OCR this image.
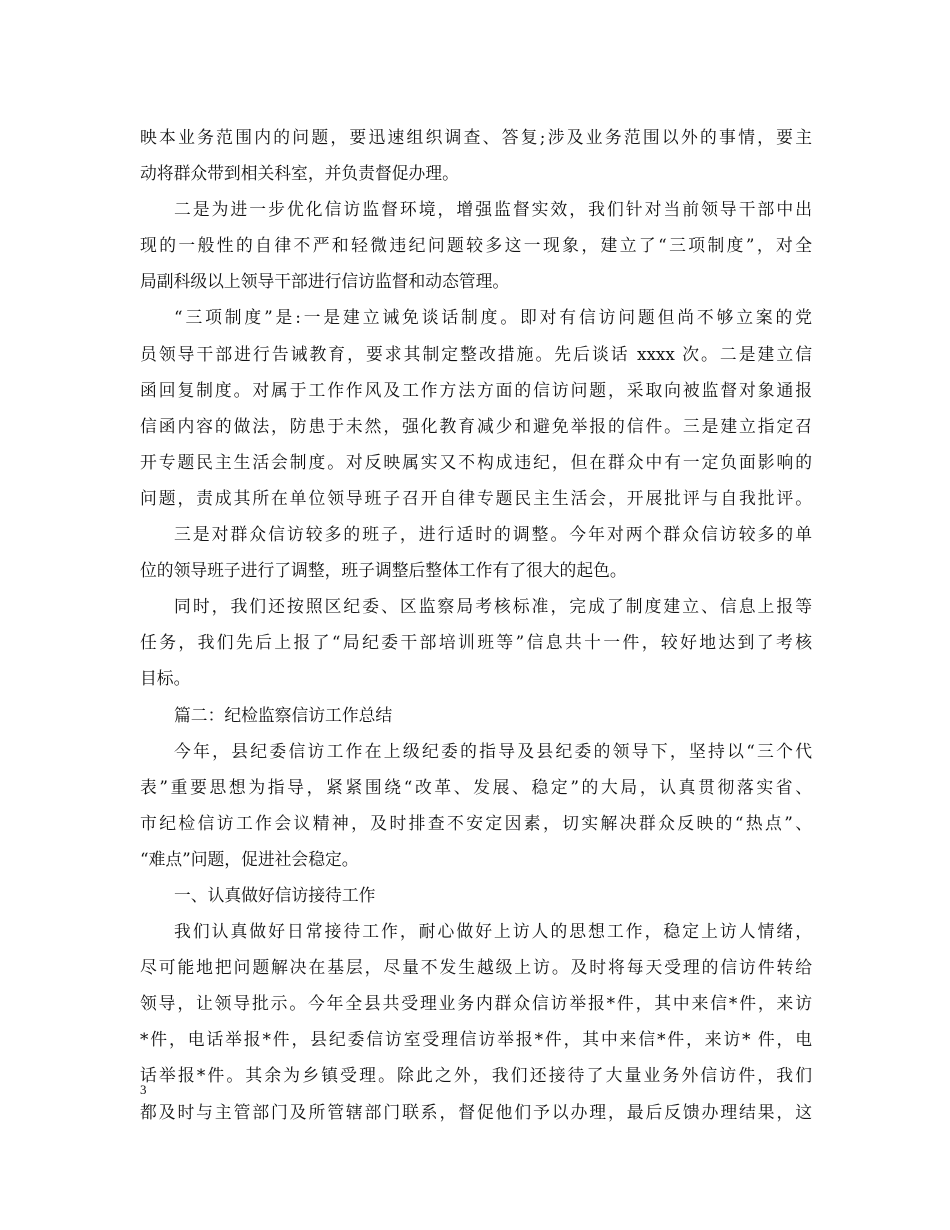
映本业务范围内的问题，要迅速组织调查、答复;涉及业务范围以外的事情，要主
动将群众带到相关科室，并负责督促办理。
二是为进一步优化信访监督环境，增强监督实效，我们针对当前领导干部中出
现的一般性的自律不严和轻微违纪问题较多这一现象，建立了“三项制度”，对全
局副科级以上领导干部进行信访监督和动态管理。
“三项制度”是:一是建立诫免谈话制度。即对有信访问题但尚不够立案的党
员领导干部进行告诫教育，要求其制定整改措施。先后谈话 xxxx 次。二是建立信
函回复制度。对属于工作作风及工作方法方面的信访问题，采取向被监督对象通报
信函内容的做法，防患于未然，强化教育减少和避免举报的信件。三是建立指定召
开专题民主生活会制度。对反映属实又不构成违纪，但在群众中有一定负面影响的
问题，责成其所在单位领导班子召开自律专题民主生活会，开展批评与自我批评。
三是对群众信访较多的班子，进行适时的调整。今年对两个群众信访较多的单
位的领导班子进行了调整，班子调整后整体工作有了很大的起色。
同时，我们还按照区纪委、区监察局考核标准，完成了制度建立、信息上报等
任务，我们先后上报了“局纪委干部培训班等”信息共十一件，较好地达到了考核
目标。
篇二：纪检监察信访工作总结
今年，县纪委信访工作在上级纪委的指导及县纪委的领导下，坚持以“三个代
表”重要思想为指导，紧紧围绕“改革、发展、稳定”的大局，认真贯彻落实省、
市纪检信访工作会议精神，及时排查不安定因素，切实解决群众反映的“热点”、
“难点”问题，促进社会稳定。
一、认真做好信访接待工作
我们认真做好日常接待工作，耐心做好上访人的思想工作，稳定上访人情绪，
尽可能地把问题解决在基层，尽量不发生越级上访。及时将每天受理的信访件转给
领导，让领导批示。今年全县共受理业务内群众信访举报*件，其中来信*件，来访
*件，电话举报*件，县纪委信访室受理信访举报*件，其中来信*件，来访* 件，电
话举报*件。其余为乡镇受理。除此之外，我们还接待了大量业务外信访件，我们
都及时与主管部门及所管辖部门联系，督促他们予以办理，最后反馈办理结果，这
3
